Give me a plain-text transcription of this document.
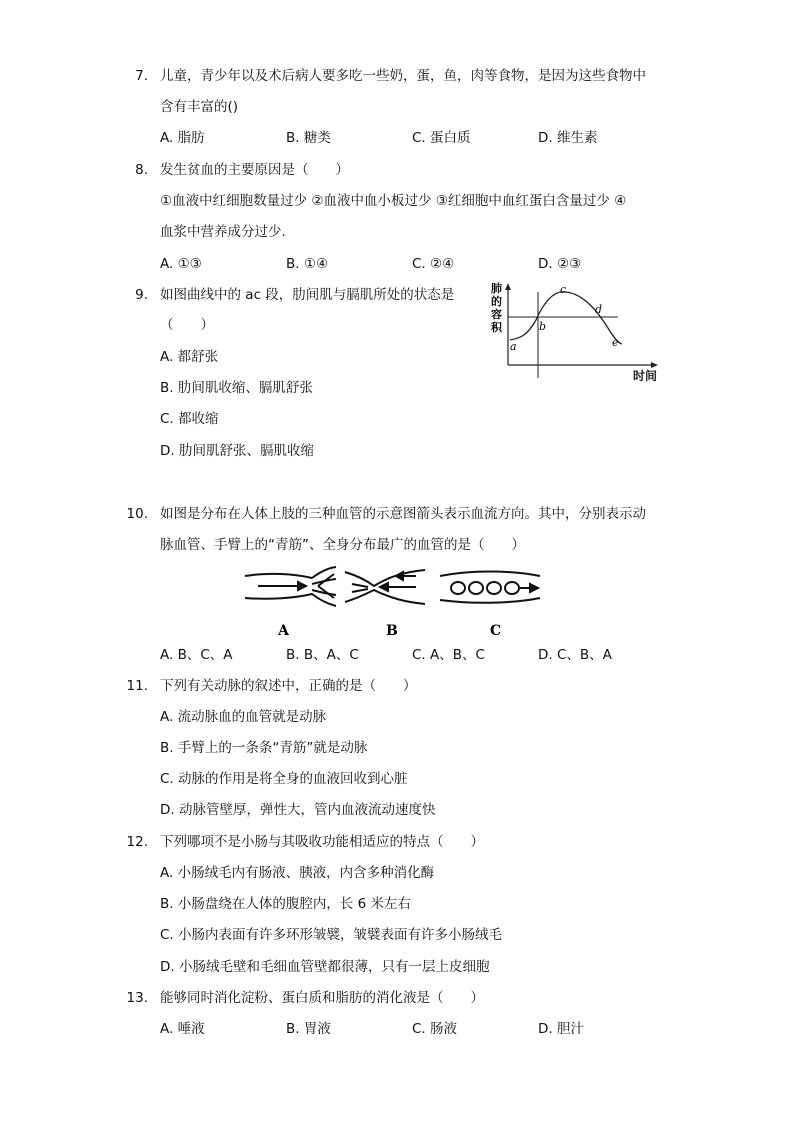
7. 儿童，青少年以及术后病人要多吃一些奶，蛋，鱼，肉等食物，是因为这些食物中
含有丰富的()
A. 脂肪	B. 糖类	C. 蛋白质	D. 维生素
8. 发生贫血的主要原因是（　　）
①血液中红细胞数量过少 ②血液中血小板过少 ③红细胞中血红蛋白含量过少 ④
血浆中营养成分过少．
A. ①③	B. ①④	C. ②④	D. ②③
9. 如图曲线中的 ac 段，肋间肌与膈肌所处的状态是
（　　）
A. 都舒张
B. 肋间肌收缩、膈肌舒张
C. 都收缩
D. 肋间肌舒张、膈肌收缩
肺
的
容
积
a
b
c
d
e
时间
10. 如图是分布在人体上肢的三种血管的示意图箭头表示血流方向。其中，分别表示动
脉血管、手臂上的“青筋”、全身分布最广的血管的是（　　）
A	B	C
A. B、C、A	B. B、A、C	C. A、B、C	D. C、B、A
11. 下列有关动脉的叙述中，正确的是（　　）
A. 流动脉血的血管就是动脉
B. 手臂上的一条条“青筋”就是动脉
C. 动脉的作用是将全身的血液回收到心脏
D. 动脉管壁厚，弹性大，管内血液流动速度快
12. 下列哪项不是小肠与其吸收功能相适应的特点（　　）
A. 小肠绒毛内有肠液、胰液，内含多种消化酶
B. 小肠盘绕在人体的腹腔内，长 6 米左右
C. 小肠内表面有许多环形皱襞，皱襞表面有许多小肠绒毛
D. 小肠绒毛壁和毛细血管壁都很薄，只有一层上皮细胞
13. 能够同时消化淀粉、蛋白质和脂肪的消化液是（　　）
A. 唾液	B. 胃液	C. 肠液	D. 胆汁
